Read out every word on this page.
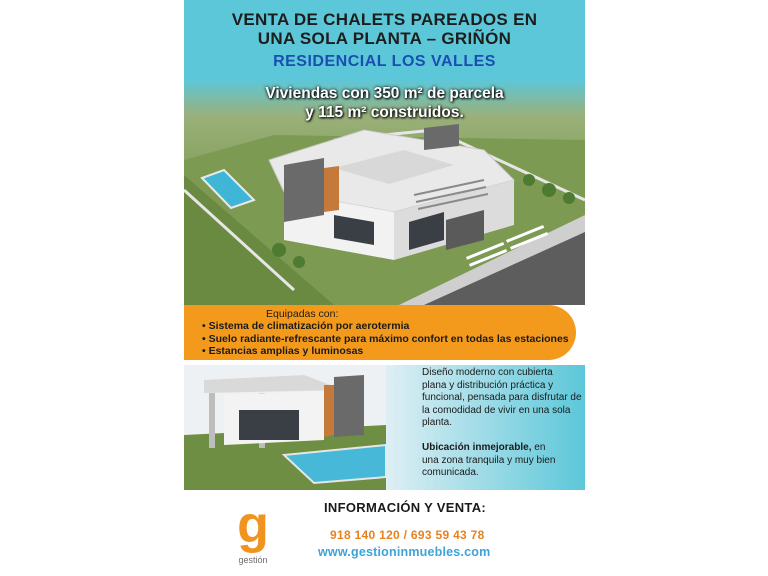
VENTA DE CHALETS PAREADOS EN
UNA SOLA PLANTA – GRIÑÓN
RESIDENCIAL LOS VALLES
Viviendas con 350 m² de parcela
y 115 m² construidos.
Equipadas con:
• Sistema de climatización por aerotermia
• Suelo radiante-refrescante para máximo confort en todas las estaciones
• Estancias amplias y luminosas
Diseño moderno con cubierta
plana y distribución práctica y
funcional, pensada para disfrutar de
la comodidad de vivir en una sola
planta.
Ubicación inmejorable, en
una zona tranquila y muy bien
comunicada.
g
gestión
INFORMACIÓN Y VENTA:
918 140 120 / 693 59 43 78
www.gestioninmuebles.com
